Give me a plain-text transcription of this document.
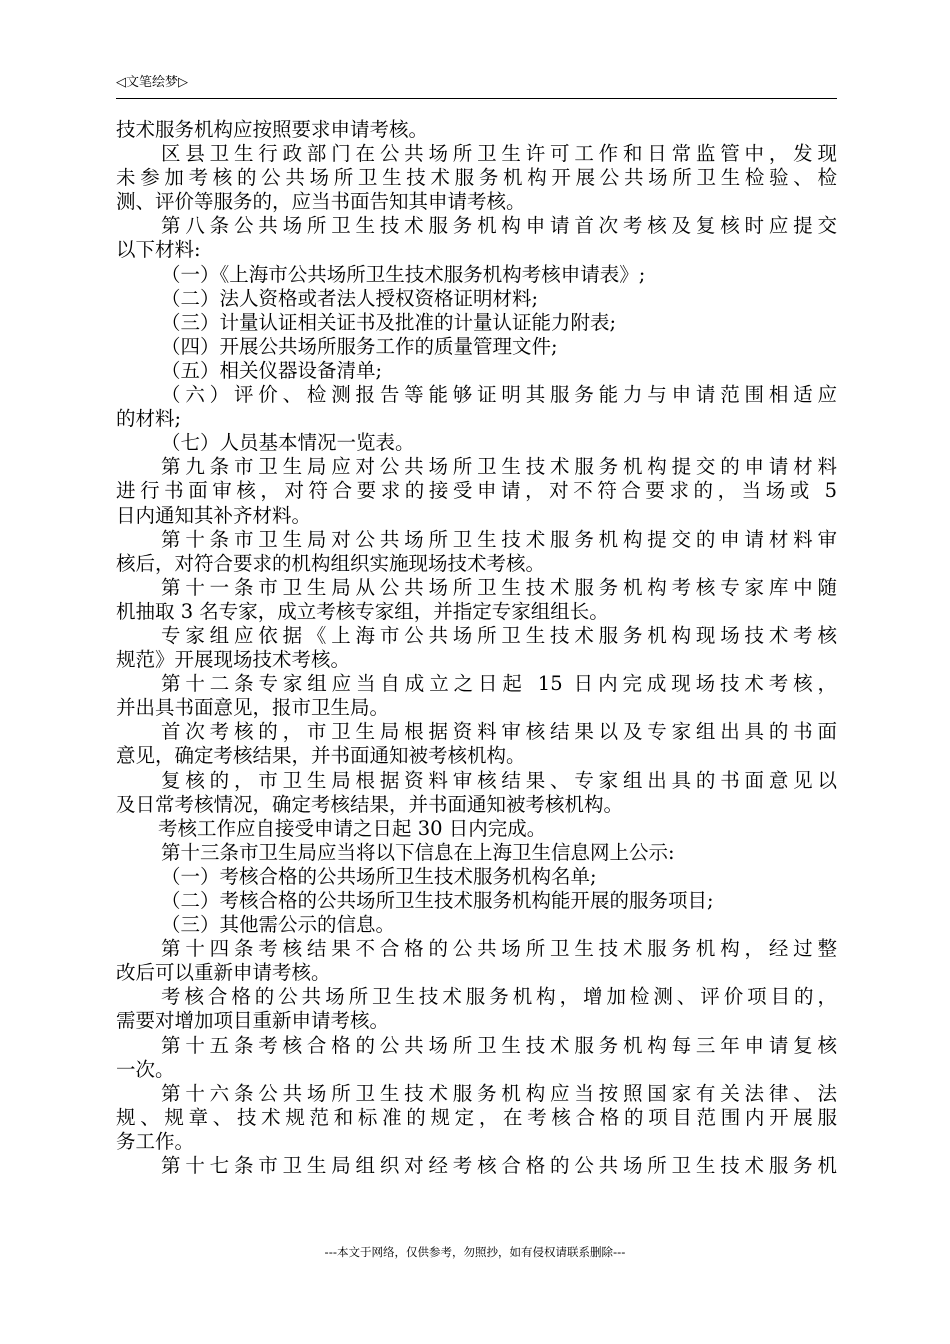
◁文笔绘梦▷
技术服务机构应按照要求申请考核。
区县卫生行政部门在公共场所卫生许可工作和日常监管中，发现
未参加考核的公共场所卫生技术服务机构开展公共场所卫生检验、检
测、评价等服务的，应当书面告知其申请考核。
第八条公共场所卫生技术服务机构申请首次考核及复核时应提交
以下材料:
（一）《上海市公共场所卫生技术服务机构考核申请表》;
（二）法人资格或者法人授权资格证明材料;
（三）计量认证相关证书及批准的计量认证能力附表;
（四）开展公共场所服务工作的质量管理文件;
（五）相关仪器设备清单;
（六）评价、检测报告等能够证明其服务能力与申请范围相适应
的材料;
（七）人员基本情况一览表。
第九条市卫生局应对公共场所卫生技术服务机构提交的申请材料
进行书面审核，对符合要求的接受申请，对不符合要求的，当场或 5
日内通知其补齐材料。
第十条市卫生局对公共场所卫生技术服务机构提交的申请材料审
核后，对符合要求的机构组织实施现场技术考核。
第十一条市卫生局从公共场所卫生技术服务机构考核专家库中随
机抽取 3 名专家，成立考核专家组，并指定专家组组长。
专家组应依据《上海市公共场所卫生技术服务机构现场技术考核
规范》开展现场技术考核。
第十二条专家组应当自成立之日起 15 日内完成现场技术考核，
并出具书面意见，报市卫生局。
首次考核的，市卫生局根据资料审核结果以及专家组出具的书面
意见，确定考核结果，并书面通知被考核机构。
复核的，市卫生局根据资料审核结果、专家组出具的书面意见以
及日常考核情况，确定考核结果，并书面通知被考核机构。
考核工作应自接受申请之日起 30 日内完成。
第十三条市卫生局应当将以下信息在上海卫生信息网上公示:
（一）考核合格的公共场所卫生技术服务机构名单;
（二）考核合格的公共场所卫生技术服务机构能开展的服务项目;
（三）其他需公示的信息。
第十四条考核结果不合格的公共场所卫生技术服务机构，经过整
改后可以重新申请考核。
考核合格的公共场所卫生技术服务机构，增加检测、评价项目的，
需要对增加项目重新申请考核。
第十五条考核合格的公共场所卫生技术服务机构每三年申请复核
一次。
第十六条公共场所卫生技术服务机构应当按照国家有关法律、法
规、规章、技术规范和标准的规定，在考核合格的项目范围内开展服
务工作。
第十七条市卫生局组织对经考核合格的公共场所卫生技术服务机
---本文于网络，仅供参考，勿照抄，如有侵权请联系删除---
